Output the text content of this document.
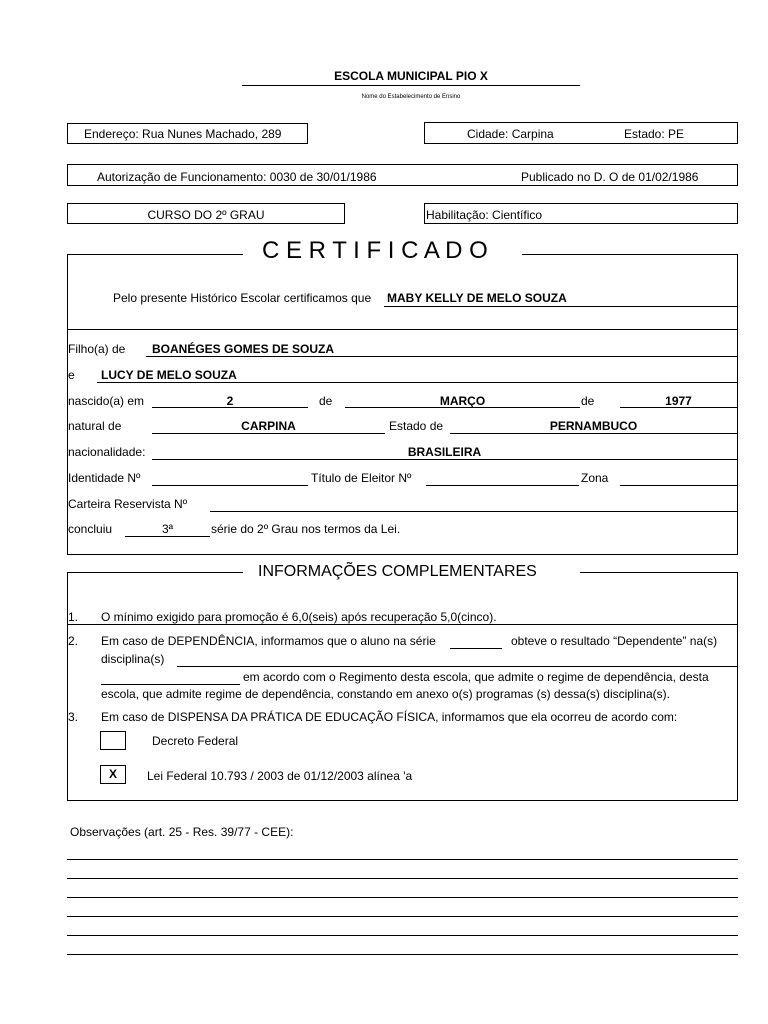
ESCOLA MUNICIPAL PIO X
Nome do Estabelecimento de Ensino
Endereço: Rua Nunes Machado, 289	Cidade: Carpina	Estado: PE
Autorização de Funcionamento: 0030 de 30/01/1986	Publicado no D. O de 01/02/1986
CURSO DO 2º GRAU	Habilitação: Científico
C E R T I F I C A D O
Pelo presente Histórico Escolar certificamos que MABY KELLY DE MELO SOUZA
Filho(a) de BOANÉGES GOMES DE SOUZA
e LUCY DE MELO SOUZA
nascido(a) em	2	de	MARÇO	de	1977
natural de	CARPINA	Estado de	PERNAMBUCO
nacionalidade:	BRASILEIRA
Identidade Nº	Título de Eleitor Nº	Zona
Carteira Reservista Nº
concluiu	3ª	série do 2º Grau nos termos da Lei.
INFORMAÇÕES COMPLEMENTARES
1. O mínimo exigido para promoção é 6,0(seis) após recuperação 5,0(cinco).
2. Em caso de DEPENDÊNCIA, informamos que o aluno na série	obteve o resultado “Dependente” na(s)
disciplina(s)
em acordo com o Regimento desta escola, que admite o regime de dependência, desta
escola, que admite regime de dependência, constando em anexo o(s) programas (s) dessa(s) disciplina(s).
3. Em caso de DISPENSA DA PRÁTICA DE EDUCAÇÃO FÍSICA, informamos que ela ocorreu de acordo com:
Decreto Federal
X	Lei Federal 10.793 / 2003 de 01/12/2003 alínea 'a
Observações (art. 25 - Res. 39/77 - CEE):
